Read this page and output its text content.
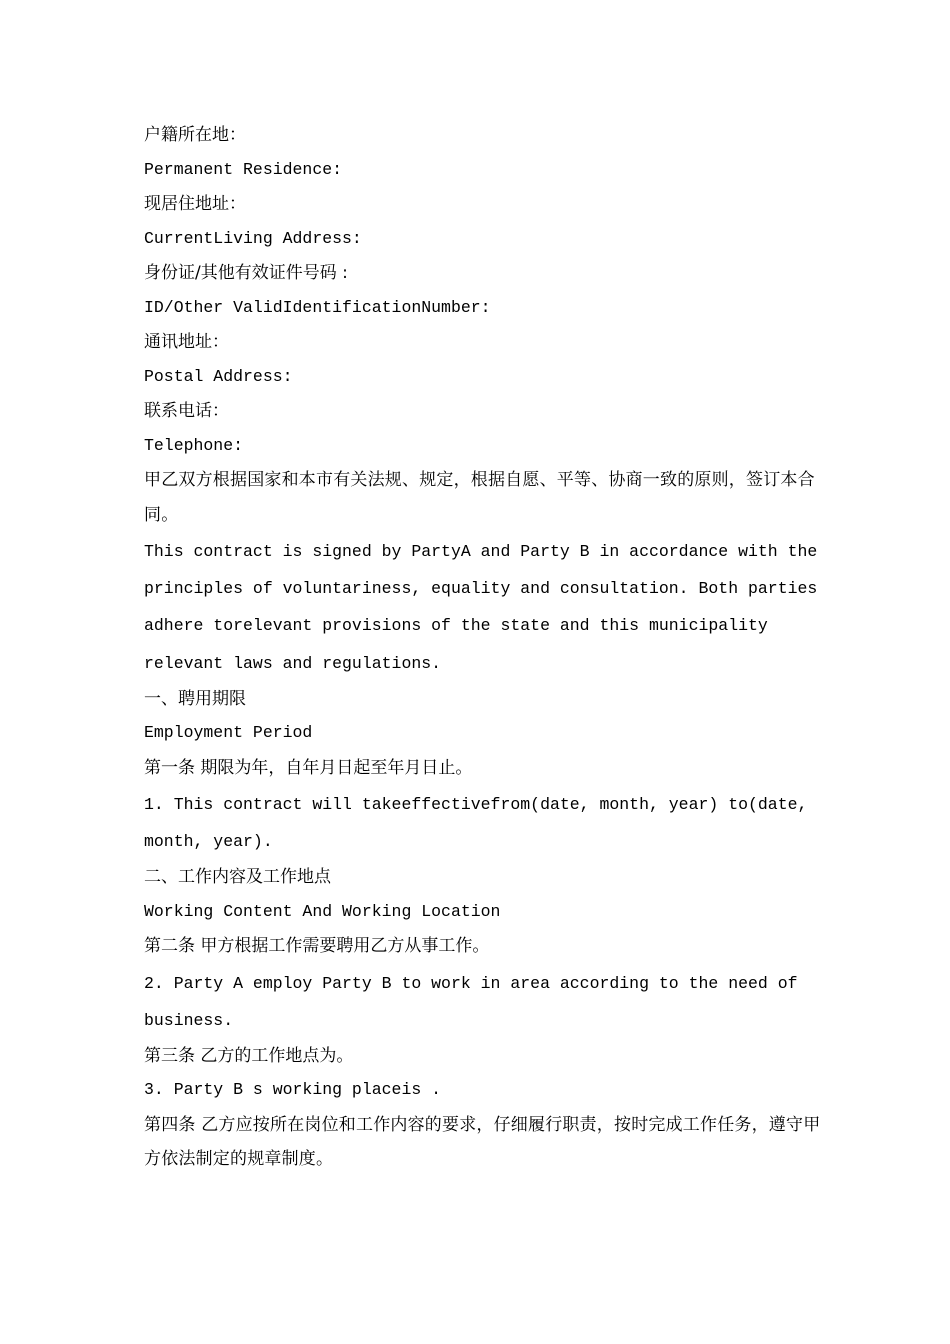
户籍所在地：

Permanent Residence:

现居住地址：

CurrentLiving Address:

身份证/其他有效证件号码 :

ID/Other ValidIdentificationNumber:

通讯地址：

Postal Address:

联系电话：

Telephone:

甲乙双方根据国家和本市有关法规、规定，根据自愿、平等、协商一致的原则，签订本合同。

This contract is signed by PartyA and Party B in accordance with the principles of voluntariness, equality and consultation. Both parties adhere torelevant provisions of the state and this municipality relevant laws and regulations.

一、聘用期限

Employment Period

第一条 期限为年，自年月日起至年月日止。

1. This contract will takeeffectivefrom(date, month, year) to(date, month, year).

二、工作内容及工作地点

Working Content And Working Location

第二条 甲方根据工作需要聘用乙方从事工作。

2. Party A employ Party B to work in area according to the need of business.

第三条 乙方的工作地点为。

3. Party B s working placeis .

第四条 乙方应按所在岗位和工作内容的要求，仔细履行职责，按时完成工作任务，遵守甲方依法制定的规章制度。
